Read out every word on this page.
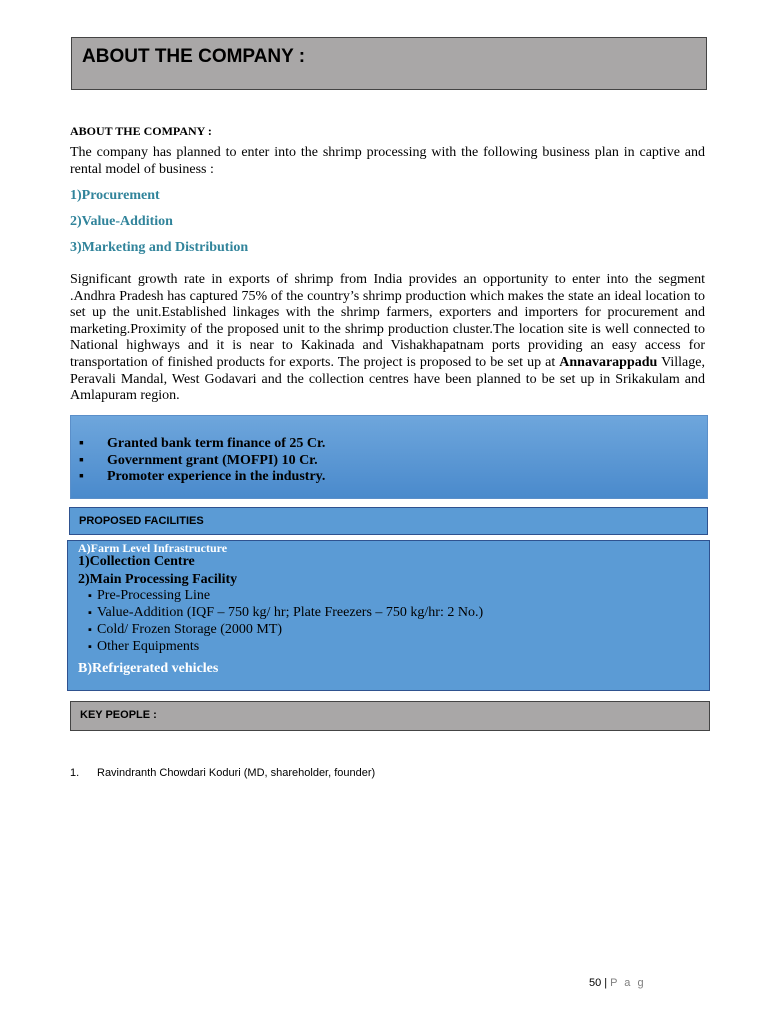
ABOUT THE COMPANY :
ABOUT THE COMPANY :
The company has planned to enter into the shrimp processing with the following business plan in captive and rental model of business :
1)Procurement
2)Value-Addition
3)Marketing and Distribution
Significant growth rate in exports of shrimp from India provides an opportunity to enter into the segment .Andhra Pradesh has captured 75% of the country’s shrimp production which makes the state an ideal location to set up the unit.Established linkages with the shrimp farmers, exporters and importers for procurement and marketing.Proximity of the proposed unit to the shrimp production cluster.The location site is well connected to National highways and it is near to Kakinada and Vishakhapatnam ports providing an easy access for transportation of finished products for exports. The project is proposed to be set up at Annavarappadu Village, Peravali Mandal, West Godavari and the collection centres have been planned to be set up in Srikakulam and Amlapuram region.
▪ Granted bank term finance of 25 Cr.
▪ Government grant (MOFPI) 10 Cr.
▪ Promoter experience in the industry.
PROPOSED FACILITIES
A)Farm Level Infrastructure
1)Collection Centre
2)Main Processing Facility
▪ Pre-Processing Line
▪ Value-Addition (IQF – 750 kg/ hr; Plate Freezers – 750 kg/hr: 2 No.)
▪ Cold/ Frozen Storage (2000 MT)
▪ Other Equipments
B)Refrigerated vehicles
KEY PEOPLE :
1. Ravindranth Chowdari Koduri (MD, shareholder, founder)
50 | P a g
